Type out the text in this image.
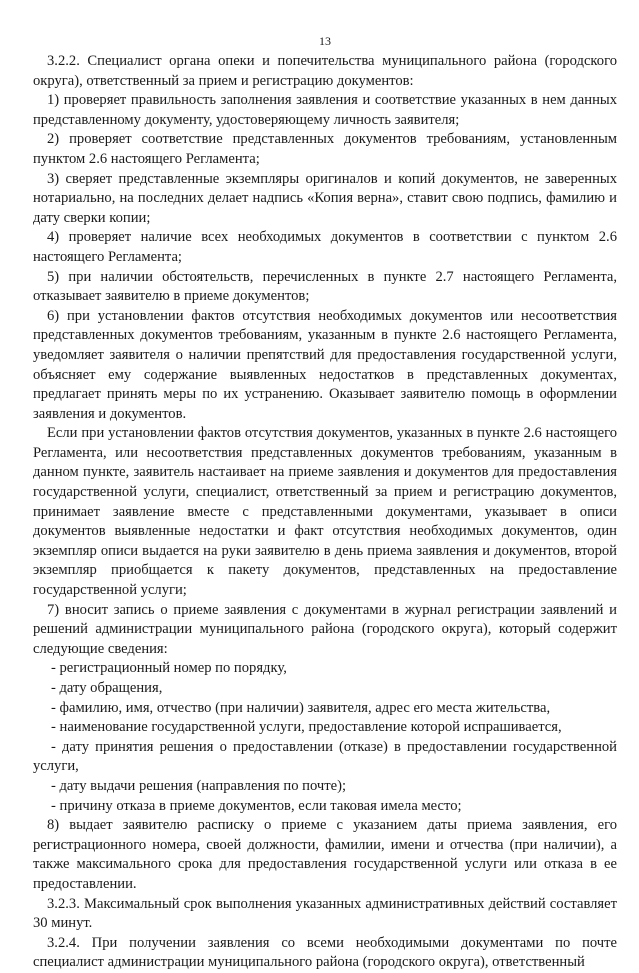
13

3.2.2. Специалист органа опеки и попечительства муниципального района (городского округа), ответственный за прием и регистрацию документов:

1) проверяет правильность заполнения заявления и соответствие указанных в нем данных представленному документу, удостоверяющему личность заявителя;

2) проверяет соответствие представленных документов требованиям, установленным пунктом 2.6 настоящего Регламента;

3) сверяет представленные экземпляры оригиналов и копий документов, не заверенных нотариально, на последних делает надпись «Копия верна», ставит свою подпись, фамилию и дату сверки копии;

4) проверяет наличие всех необходимых документов в соответствии с пунктом 2.6 настоящего Регламента;

5) при наличии обстоятельств, перечисленных в пункте 2.7 настоящего Регламента, отказывает заявителю в приеме документов;

6) при установлении фактов отсутствия необходимых документов или несоответствия представленных документов требованиям, указанным в пункте 2.6 настоящего Регламента, уведомляет заявителя о наличии препятствий для предоставления государственной услуги, объясняет ему содержание выявленных недостатков в представленных документах, предлагает принять меры по их устранению. Оказывает заявителю помощь в оформлении заявления и документов.

Если при установлении фактов отсутствия документов, указанных в пункте 2.6 настоящего Регламента, или несоответствия представленных документов требованиям, указанным в данном пункте, заявитель настаивает на приеме заявления и документов для предоставления государственной услуги, специалист, ответственный за прием и регистрацию документов, принимает заявление вместе с представленными документами, указывает в описи документов выявленные недостатки и факт отсутствия необходимых документов, один экземпляр описи выдается на руки заявителю в день приема заявления и документов, второй экземпляр приобщается к пакету документов, представленных на предоставление государственной услуги;

7) вносит запись о приеме заявления с документами в журнал регистрации заявлений и решений администрации муниципального района (городского округа), который содержит следующие сведения:

- регистрационный номер по порядку,

- дату обращения,

- фамилию, имя, отчество (при наличии) заявителя, адрес его места жительства,

- наименование государственной услуги, предоставление которой испрашивается,

- дату принятия решения о предоставлении (отказе) в предоставлении государственной услуги,

- дату выдачи решения (направления по почте);

- причину отказа в приеме документов, если таковая имела место;

8) выдает заявителю расписку о приеме с указанием даты приема заявления, его регистрационного номера, своей должности, фамилии, имени и отчества (при наличии), а также максимального срока для предоставления государственной услуги или отказа в ее предоставлении.

3.2.3. Максимальный срок выполнения указанных административных действий составляет 30 минут.

3.2.4. При получении заявления со всеми необходимыми документами по почте специалист администрации муниципального района (городского округа), ответственный
